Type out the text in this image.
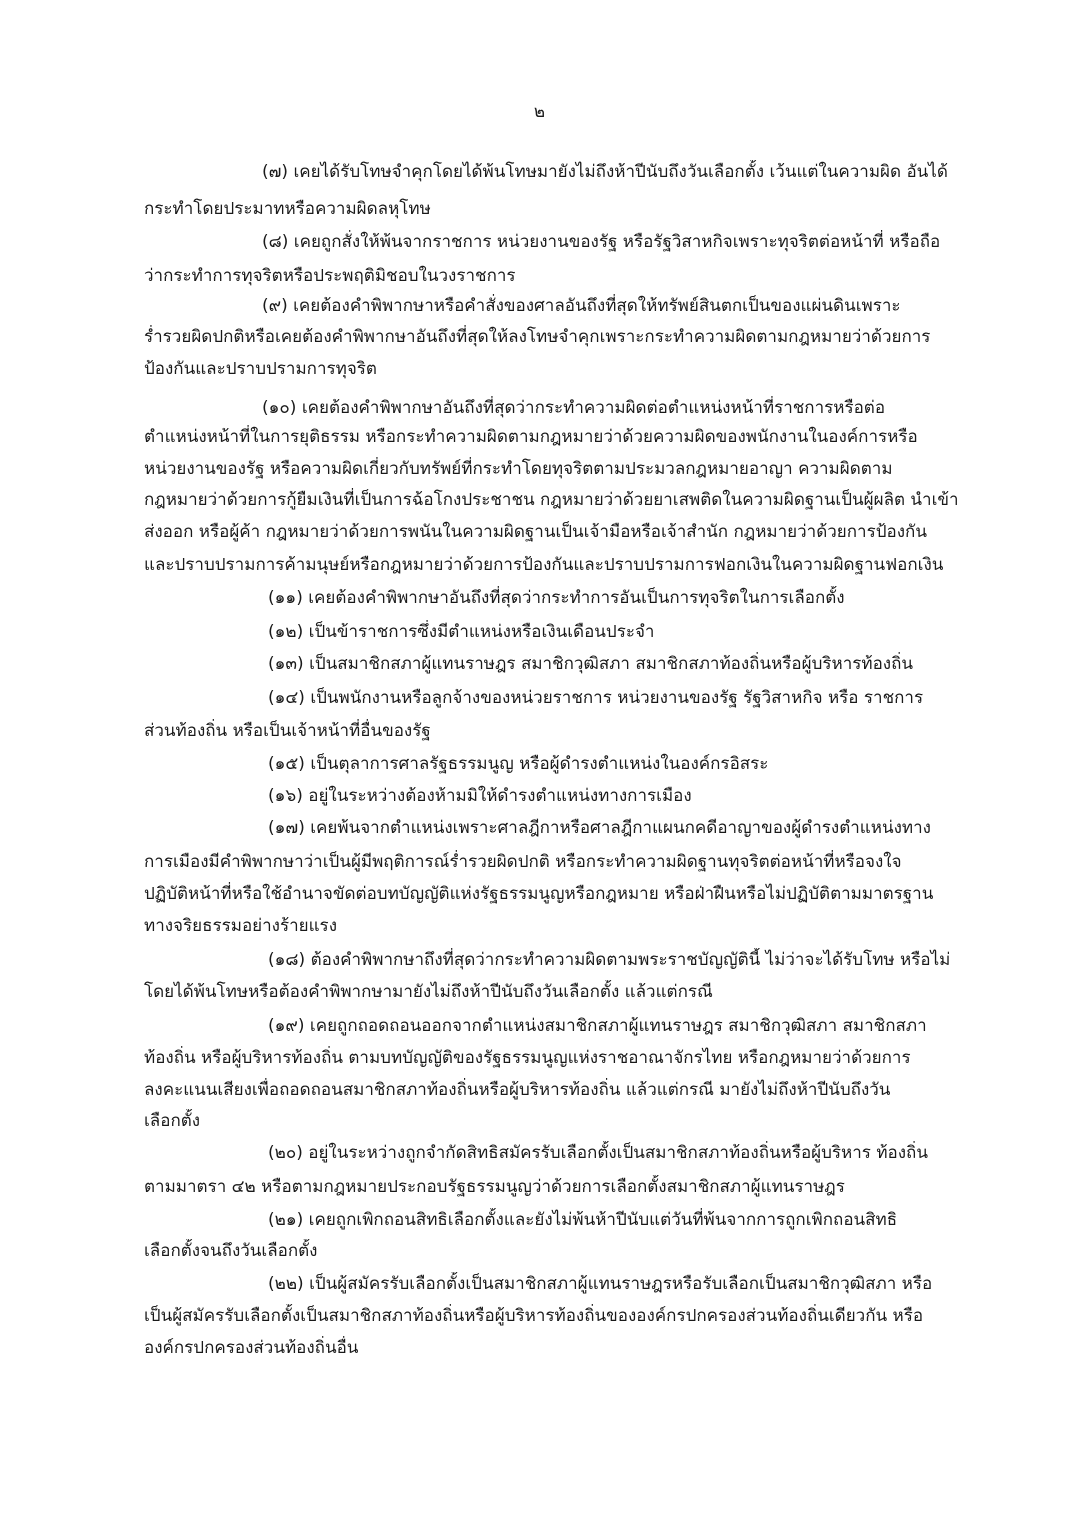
๒
(๗) เคยได้รับโทษจำคุกโดยได้พ้นโทษมายังไม่ถึงห้าปีนับถึงวันเลือกตั้ง เว้นแต่ในความผิด อันได้
กระทำโดยประมาทหรือความผิดลหุโทษ
(๘) เคยถูกสั่งให้พ้นจากราชการ หน่วยงานของรัฐ หรือรัฐวิสาหกิจเพราะทุจริตต่อหน้าที่ หรือถือ
ว่ากระทำการทุจริตหรือประพฤติมิชอบในวงราชการ
(๙) เคยต้องคำพิพากษาหรือคำสั่งของศาลอันถึงที่สุดให้ทรัพย์สินตกเป็นของแผ่นดินเพราะ
ร่ำรวยผิดปกติหรือเคยต้องคำพิพากษาอันถึงที่สุดให้ลงโทษจำคุกเพราะกระทำความผิดตามกฎหมายว่าด้วยการ
ป้องกันและปราบปรามการทุจริต
(๑๐) เคยต้องคำพิพากษาอันถึงที่สุดว่ากระทำความผิดต่อตำแหน่งหน้าที่ราชการหรือต่อ
ตำแหน่งหน้าที่ในการยุติธรรม หรือกระทำความผิดตามกฎหมายว่าด้วยความผิดของพนักงานในองค์การหรือ
หน่วยงานของรัฐ หรือความผิดเกี่ยวกับทรัพย์ที่กระทำโดยทุจริตตามประมวลกฎหมายอาญา ความผิดตาม
กฎหมายว่าด้วยการกู้ยืมเงินที่เป็นการฉ้อโกงประชาชน กฎหมายว่าด้วยยาเสพติดในความผิดฐานเป็นผู้ผลิต นำเข้า
ส่งออก หรือผู้ค้า กฎหมายว่าด้วยการพนันในความผิดฐานเป็นเจ้ามือหรือเจ้าสำนัก กฎหมายว่าด้วยการป้องกัน
และปราบปรามการค้ามนุษย์หรือกฎหมายว่าด้วยการป้องกันและปราบปรามการฟอกเงินในความผิดฐานฟอกเงิน
(๑๑) เคยต้องคำพิพากษาอันถึงที่สุดว่ากระทำการอันเป็นการทุจริตในการเลือกตั้ง
(๑๒) เป็นข้าราชการซึ่งมีตำแหน่งหรือเงินเดือนประจำ
(๑๓) เป็นสมาชิกสภาผู้แทนราษฎร สมาชิกวุฒิสภา สมาชิกสภาท้องถิ่นหรือผู้บริหารท้องถิ่น
(๑๔) เป็นพนักงานหรือลูกจ้างของหน่วยราชการ หน่วยงานของรัฐ รัฐวิสาหกิจ หรือ ราชการ
ส่วนท้องถิ่น หรือเป็นเจ้าหน้าที่อื่นของรัฐ
(๑๕) เป็นตุลาการศาลรัฐธรรมนูญ หรือผู้ดำรงตำแหน่งในองค์กรอิสระ
(๑๖) อยู่ในระหว่างต้องห้ามมิให้ดำรงตำแหน่งทางการเมือง
(๑๗) เคยพ้นจากตำแหน่งเพราะศาลฎีกาหรือศาลฎีกาแผนกคดีอาญาของผู้ดำรงตำแหน่งทาง
การเมืองมีคำพิพากษาว่าเป็นผู้มีพฤติการณ์ร่ำรวยผิดปกติ หรือกระทำความผิดฐานทุจริตต่อหน้าที่หรือจงใจ
ปฏิบัติหน้าที่หรือใช้อำนาจขัดต่อบทบัญญัติแห่งรัฐธรรมนูญหรือกฎหมาย หรือฝ่าฝืนหรือไม่ปฏิบัติตามมาตรฐาน
ทางจริยธรรมอย่างร้ายแรง
(๑๘) ต้องคำพิพากษาถึงที่สุดว่ากระทำความผิดตามพระราชบัญญัตินี้ ไม่ว่าจะได้รับโทษ หรือไม่
โดยได้พ้นโทษหรือต้องคำพิพากษามายังไม่ถึงห้าปีนับถึงวันเลือกตั้ง แล้วแต่กรณี
(๑๙) เคยถูกถอดถอนออกจากตำแหน่งสมาชิกสภาผู้แทนราษฎร สมาชิกวุฒิสภา สมาชิกสภา
ท้องถิ่น หรือผู้บริหารท้องถิ่น ตามบทบัญญัติของรัฐธรรมนูญแห่งราชอาณาจักรไทย หรือกฎหมายว่าด้วยการ
ลงคะแนนเสียงเพื่อถอดถอนสมาชิกสภาท้องถิ่นหรือผู้บริหารท้องถิ่น แล้วแต่กรณี มายังไม่ถึงห้าปีนับถึงวัน
เลือกตั้ง
(๒๐) อยู่ในระหว่างถูกจำกัดสิทธิสมัครรับเลือกตั้งเป็นสมาชิกสภาท้องถิ่นหรือผู้บริหาร ท้องถิ่น
ตามมาตรา ๔๒ หรือตามกฎหมายประกอบรัฐธรรมนูญว่าด้วยการเลือกตั้งสมาชิกสภาผู้แทนราษฎร
(๒๑) เคยถูกเพิกถอนสิทธิเลือกตั้งและยังไม่พ้นห้าปีนับแต่วันที่พ้นจากการถูกเพิกถอนสิทธิ
เลือกตั้งจนถึงวันเลือกตั้ง
(๒๒) เป็นผู้สมัครรับเลือกตั้งเป็นสมาชิกสภาผู้แทนราษฎรหรือรับเลือกเป็นสมาชิกวุฒิสภา หรือ
เป็นผู้สมัครรับเลือกตั้งเป็นสมาชิกสภาท้องถิ่นหรือผู้บริหารท้องถิ่นขององค์กรปกครองส่วนท้องถิ่นเดียวกัน หรือ
องค์กรปกครองส่วนท้องถิ่นอื่น
